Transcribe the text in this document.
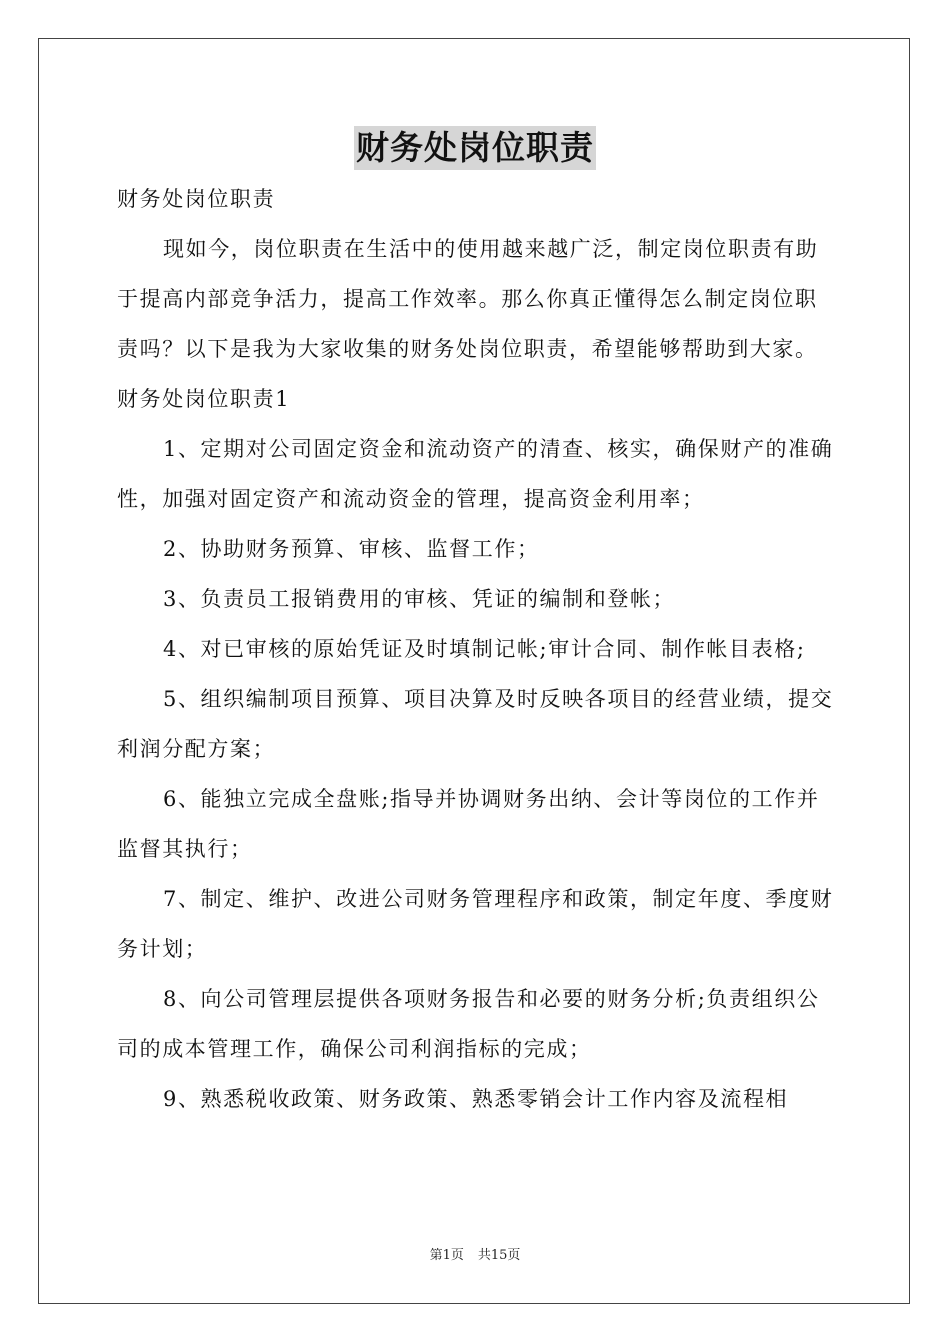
财务处岗位职责

财务处岗位职责

现如今，岗位职责在生活中的使用越来越广泛，制定岗位职责有助于提高内部竞争活力，提高工作效率。那么你真正懂得怎么制定岗位职责吗？以下是我为大家收集的财务处岗位职责，希望能够帮助到大家。

财务处岗位职责1

1、定期对公司固定资金和流动资产的清查、核实，确保财产的准确性，加强对固定资产和流动资金的管理，提高资金利用率；

2、协助财务预算、审核、监督工作；

3、负责员工报销费用的审核、凭证的编制和登帐；

4、对已审核的原始凭证及时填制记帐;审计合同、制作帐目表格;

5、组织编制项目预算、项目决算及时反映各项目的经营业绩，提交利润分配方案；

6、能独立完成全盘账;指导并协调财务出纳、会计等岗位的工作并监督其执行；

7、制定、维护、改进公司财务管理程序和政策，制定年度、季度财务计划；

8、向公司管理层提供各项财务报告和必要的财务分析;负责组织公司的成本管理工作，确保公司利润指标的完成；

9、熟悉税收政策、财务政策、熟悉零销会计工作内容及流程相

第1页 共15页
